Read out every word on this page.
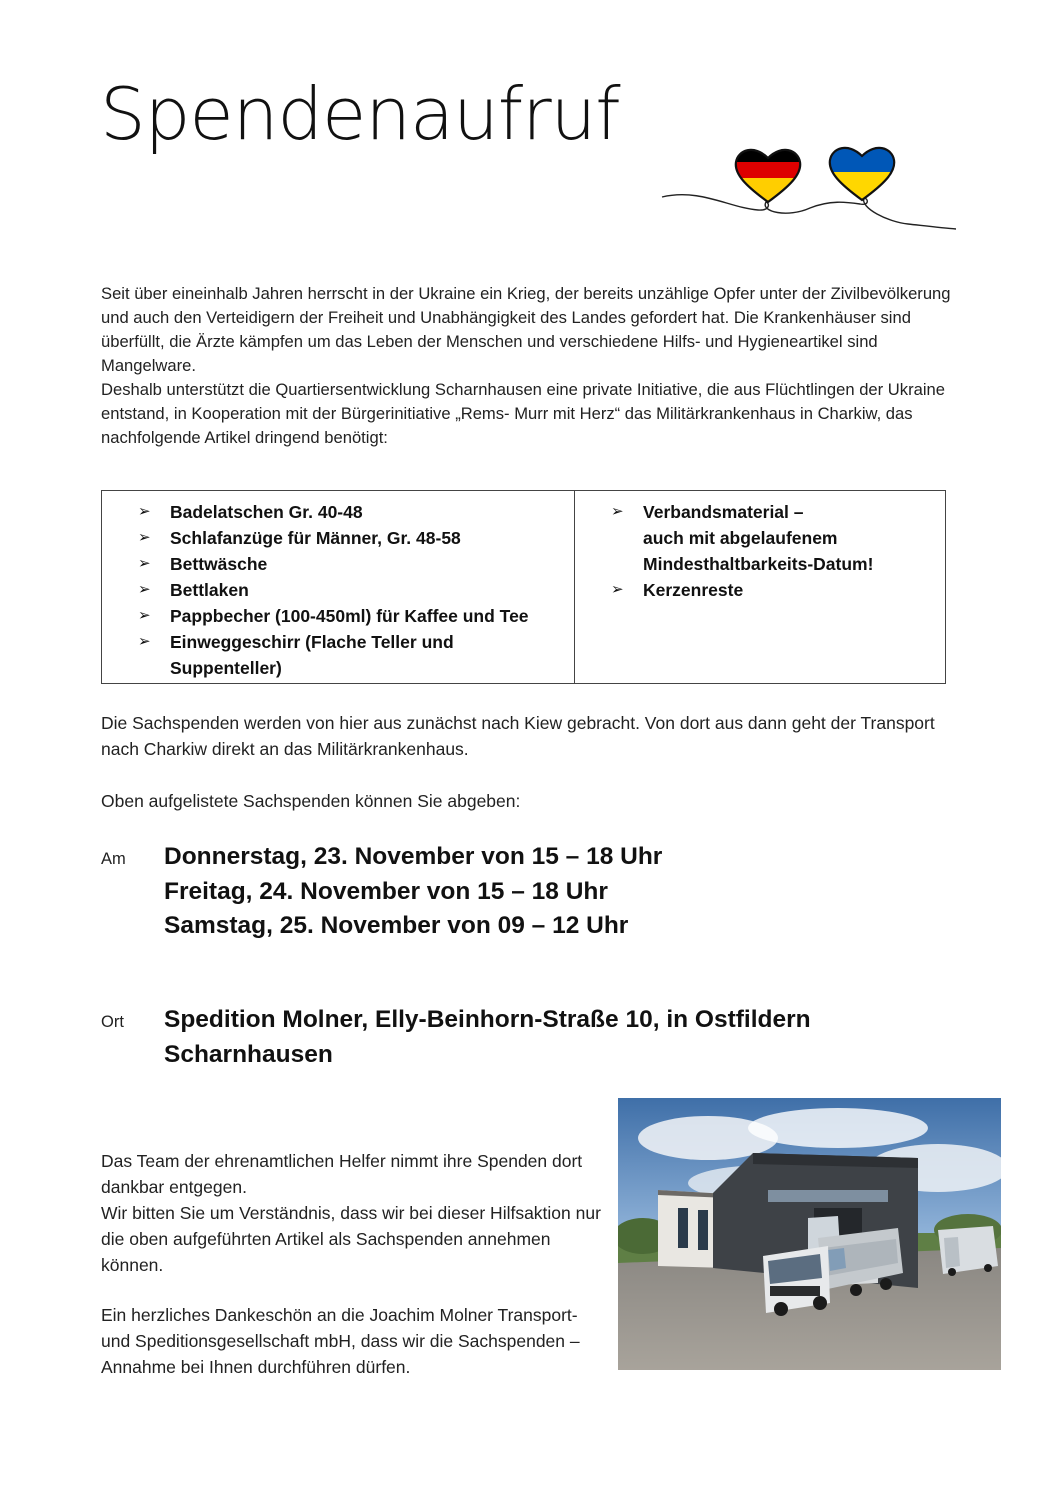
Spendenaufruf

Seit über eineinhalb Jahren herrscht in der Ukraine ein Krieg, der bereits unzählige Opfer unter der Zivilbevölkerung und auch den Verteidigern der Freiheit und Unabhängigkeit des Landes gefordert hat. Die Krankenhäuser sind überfüllt, die Ärzte kämpfen um das Leben der Menschen und verschiedene Hilfs- und Hygieneartikel sind Mangelware.

Deshalb unterstützt die Quartiersentwicklung Scharnhausen eine private Initiative, die aus Flüchtlingen der Ukraine entstand, in Kooperation mit der Bürgerinitiative „Rems- Murr mit Herz“ das Militärkrankenhaus in Charkiw, das nachfolgende Artikel dringend benötigt:

➢ Badelatschen Gr. 40-48
➢ Schlafanzüge für Männer, Gr. 48-58
➢ Bettwäsche
➢ Bettlaken
➢ Pappbecher (100-450ml) für Kaffee und Tee
➢ Einweggeschirr (Flache Teller und
Suppenteller)
➢ Verbandsmaterial –
auch mit abgelaufenem
Mindesthaltbarkeits-Datum!
➢ Kerzenreste

Die Sachspenden werden von hier aus zunächst nach Kiew gebracht. Von dort aus dann geht der Transport nach Charkiw direkt an das Militärkrankenhaus.

Oben aufgelistete Sachspenden können Sie abgeben:

Am Donnerstag, 23. November von 15 – 18 Uhr
Freitag, 24. November von 15 – 18 Uhr
Samstag, 25. November von 09 – 12 Uhr
Ort Spedition Molner, Elly-Beinhorn-Straße 10, in Ostfildern Scharnhausen

Das Team der ehrenamtlichen Helfer nimmt ihre Spenden dort dankbar entgegen.

Wir bitten Sie um Verständnis, dass wir bei dieser Hilfsaktion nur die oben aufgeführten Artikel als Sachspenden annehmen können.

Ein herzliches Dankeschön an die Joachim Molner Transport- und Speditionsgesellschaft mbH, dass wir die Sachspenden – Annahme bei Ihnen durchführen dürfen.
